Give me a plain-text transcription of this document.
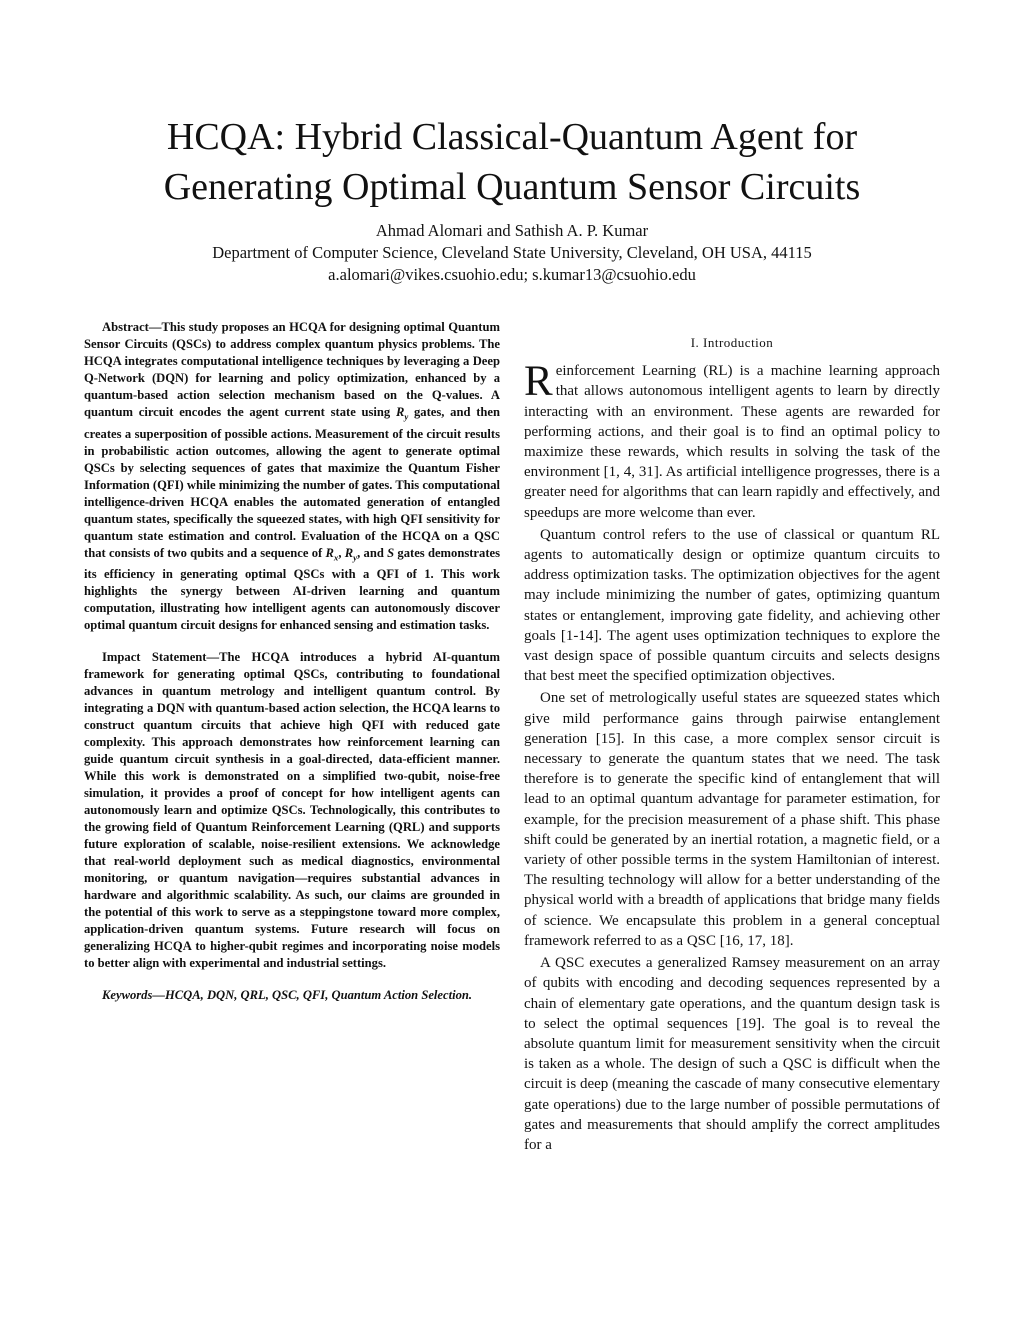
HCQA: Hybrid Classical-Quantum Agent for
Generating Optimal Quantum Sensor Circuits
Ahmad Alomari and Sathish A. P. Kumar
Department of Computer Science, Cleveland State University, Cleveland, OH USA, 44115
a.alomari@vikes.csuohio.edu; s.kumar13@csuohio.edu

Abstract—This study proposes an HCQA for designing optimal Quantum Sensor Circuits (QSCs) to address complex quantum physics problems. The HCQA integrates computational intelligence techniques by leveraging a Deep Q-Network (DQN) for learning and policy optimization, enhanced by a quantum-based action selection mechanism based on the Q-values. A quantum circuit encodes the agent current state using $R_y$ gates, and then creates a superposition of possible actions. Measurement of the circuit results in probabilistic action outcomes, allowing the agent to generate optimal QSCs by selecting sequences of gates that maximize the Quantum Fisher Information (QFI) while minimizing the number of gates. This computational intelligence-driven HCQA enables the automated generation of entangled quantum states, specifically the squeezed states, with high QFI sensitivity for quantum state estimation and control. Evaluation of the HCQA on a QSC that consists of two qubits and a sequence of $R_x$, $R_y$, and S gates demonstrates its efficiency in generating optimal QSCs with a QFI of 1. This work highlights the synergy between AI-driven learning and quantum computation, illustrating how intelligent agents can autonomously discover optimal quantum circuit designs for enhanced sensing and estimation tasks.

Impact Statement—The HCQA introduces a hybrid AI-quantum framework for generating optimal QSCs, contributing to foundational advances in quantum metrology and intelligent quantum control. By integrating a DQN with quantum-based action selection, the HCQA learns to construct quantum circuits that achieve high QFI with reduced gate complexity. This approach demonstrates how reinforcement learning can guide quantum circuit synthesis in a goal-directed, data-efficient manner. While this work is demonstrated on a simplified two-qubit, noise-free simulation, it provides a proof of concept for how intelligent agents can autonomously learn and optimize QSCs. Technologically, this contributes to the growing field of Quantum Reinforcement Learning (QRL) and supports future exploration of scalable, noise-resilient extensions. We acknowledge that real-world deployment such as medical diagnostics, environmental monitoring, or quantum navigation—requires substantial advances in hardware and algorithmic scalability. As such, our claims are grounded in the potential of this work to serve as a steppingstone toward more complex, application-driven quantum systems. Future research will focus on generalizing HCQA to higher-qubit regimes and incorporating noise models to better align with experimental and industrial settings.

Keywords—HCQA, DQN, QRL, QSC, QFI, Quantum Action Selection.

I. Introduction

Reinforcement Learning (RL) is a machine learning approach that allows autonomous intelligent agents to learn by directly interacting with an environment. These agents are rewarded for performing actions, and their goal is to find an optimal policy to maximize these rewards, which results in solving the task of the environment [1, 4, 31]. As artificial intelligence progresses, there is a greater need for algorithms that can learn rapidly and effectively, and speedups are more welcome than ever.

Quantum control refers to the use of classical or quantum RL agents to automatically design or optimize quantum circuits to address optimization tasks. The optimization objectives for the agent may include minimizing the number of gates, optimizing quantum states or entanglement, improving gate fidelity, and achieving other goals [1-14]. The agent uses optimization techniques to explore the vast design space of possible quantum circuits and selects designs that best meet the specified optimization objectives.

One set of metrologically useful states are squeezed states which give mild performance gains through pairwise entanglement generation [15]. In this case, a more complex sensor circuit is necessary to generate the quantum states that we need. The task therefore is to generate the specific kind of entanglement that will lead to an optimal quantum advantage for parameter estimation, for example, for the precision measurement of a phase shift. This phase shift could be generated by an inertial rotation, a magnetic field, or a variety of other possible terms in the system Hamiltonian of interest. The resulting technology will allow for a better understanding of the physical world with a breadth of applications that bridge many fields of science. We encapsulate this problem in a general conceptual framework referred to as a QSC [16, 17, 18].

A QSC executes a generalized Ramsey measurement on an array of qubits with encoding and decoding sequences represented by a chain of elementary gate operations, and the quantum design task is to select the optimal sequences [19]. The goal is to reveal the absolute quantum limit for measurement sensitivity when the circuit is taken as a whole. The design of such a QSC is difficult when the circuit is deep (meaning the cascade of many consecutive elementary gate operations) due to the large number of possible permutations of gates and measurements that should amplify the correct amplitudes for a
